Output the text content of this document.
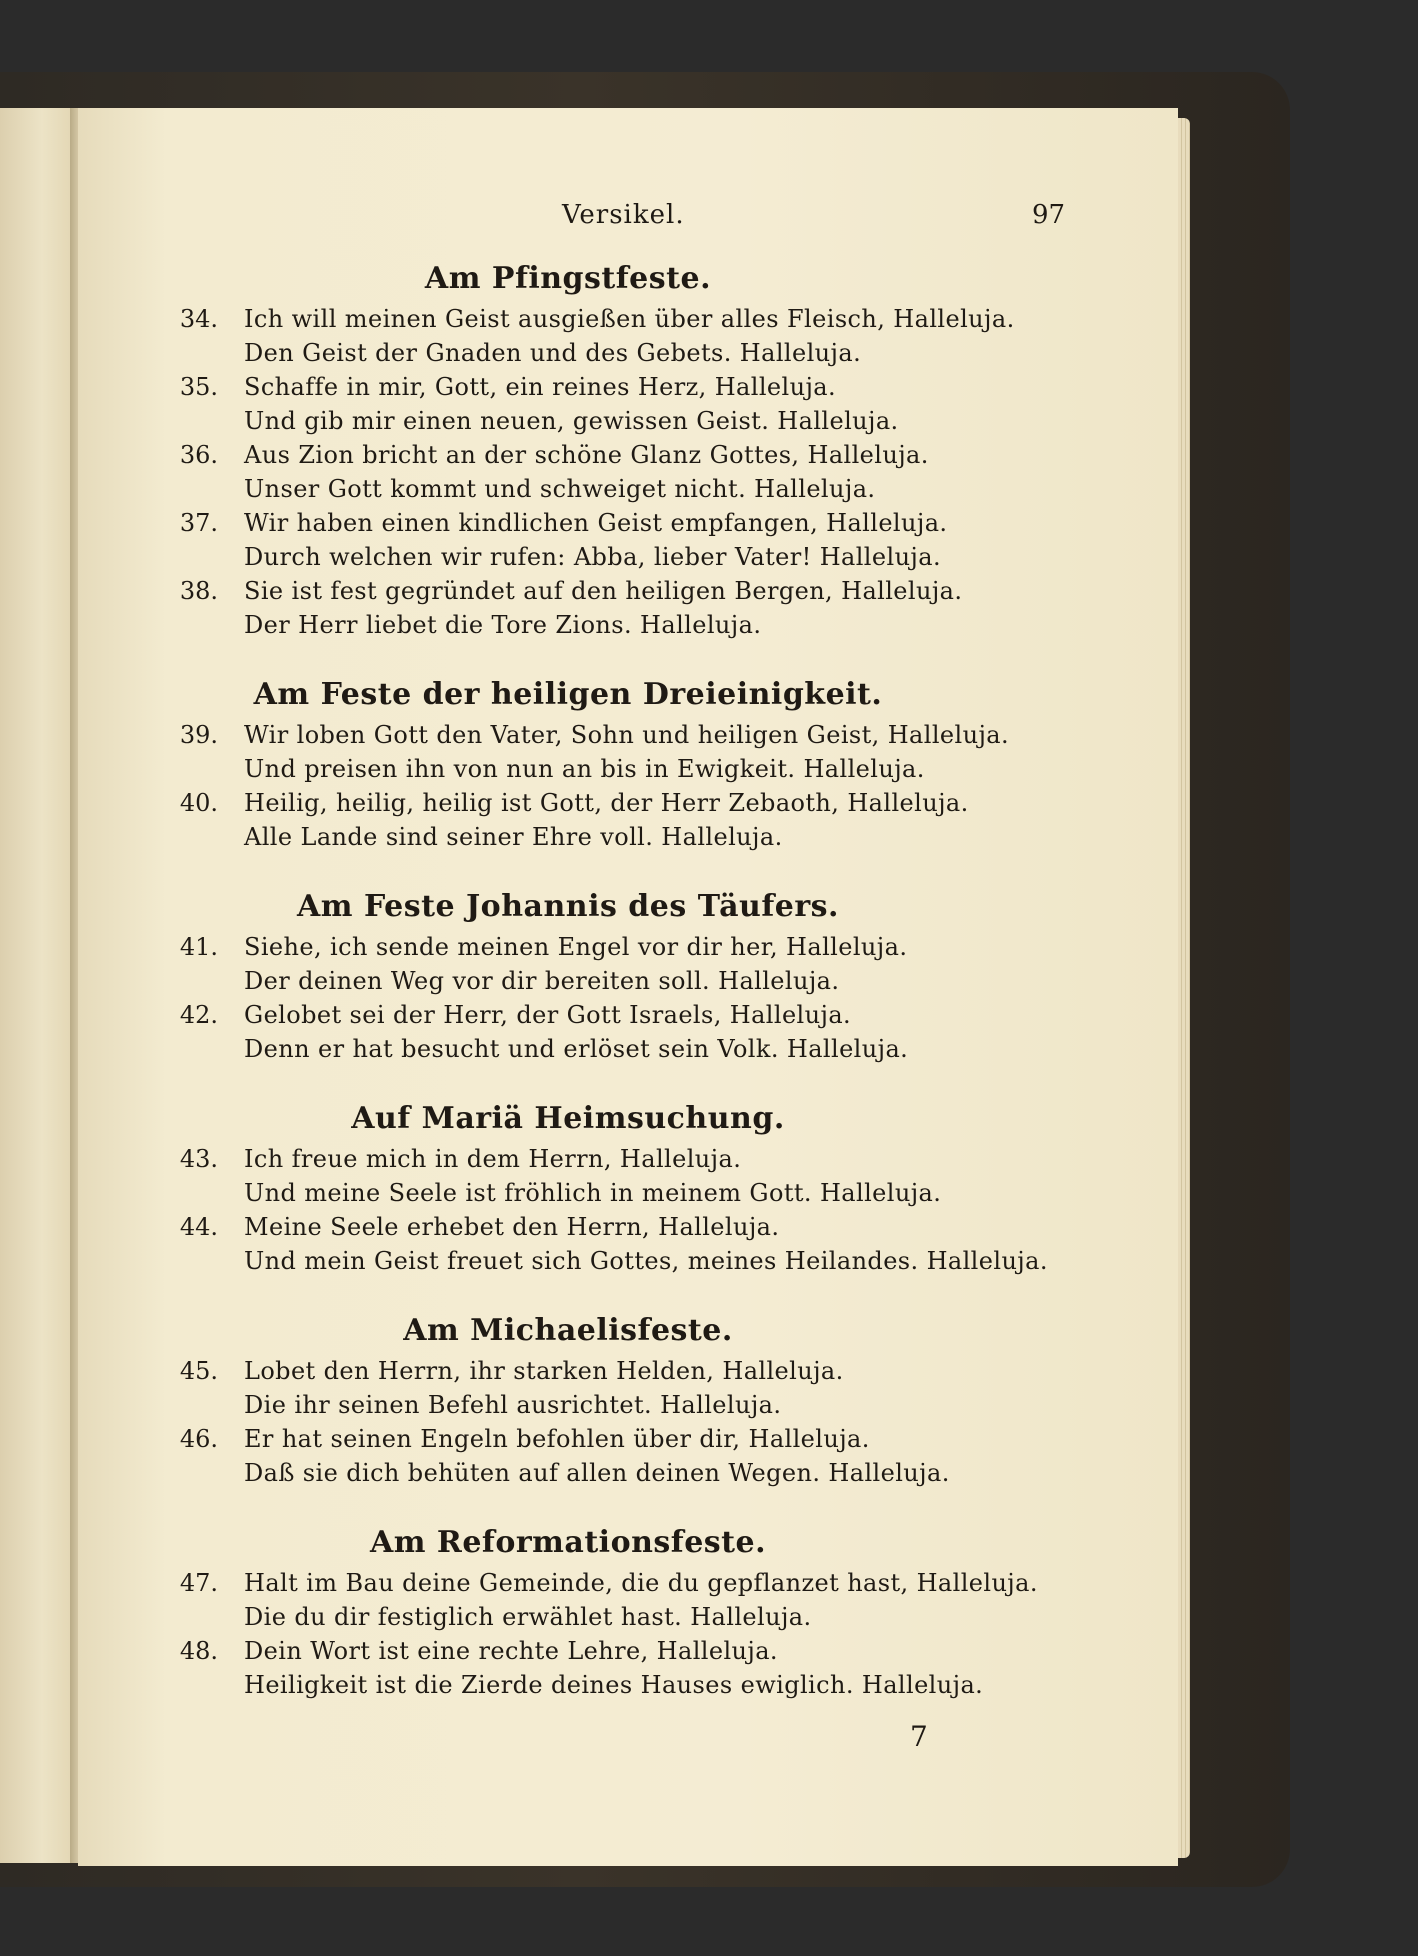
Versikel.	97
Am Pfingstfeste.
34. Ich will meinen Geist ausgießen über alles Fleisch, Halleluja.
Den Geist der Gnaden und des Gebets. Halleluja.
35. Schaffe in mir, Gott, ein reines Herz, Halleluja.
Und gib mir einen neuen, gewissen Geist. Halleluja.
36. Aus Zion bricht an der schöne Glanz Gottes, Halleluja.
Unser Gott kommt und schweiget nicht. Halleluja.
37. Wir haben einen kindlichen Geist empfangen, Halleluja.
Durch welchen wir rufen: Abba, lieber Vater! Halleluja.
38. Sie ist fest gegründet auf den heiligen Bergen, Halleluja.
Der Herr liebet die Tore Zions. Halleluja.
Am Feste der heiligen Dreieinigkeit.
39. Wir loben Gott den Vater, Sohn und heiligen Geist, Halleluja.
Und preisen ihn von nun an bis in Ewigkeit. Halleluja.
40. Heilig, heilig, heilig ist Gott, der Herr Zebaoth, Halleluja.
Alle Lande sind seiner Ehre voll. Halleluja.
Am Feste Johannis des Täufers.
41. Siehe, ich sende meinen Engel vor dir her, Halleluja.
Der deinen Weg vor dir bereiten soll. Halleluja.
42. Gelobet sei der Herr, der Gott Israels, Halleluja.
Denn er hat besucht und erlöset sein Volk. Halleluja.
Auf Mariä Heimsuchung.
43. Ich freue mich in dem Herrn, Halleluja.
Und meine Seele ist fröhlich in meinem Gott. Halleluja.
44. Meine Seele erhebet den Herrn, Halleluja.
Und mein Geist freuet sich Gottes, meines Heilandes. Halleluja.
Am Michaelisfeste.
45. Lobet den Herrn, ihr starken Helden, Halleluja.
Die ihr seinen Befehl ausrichtet. Halleluja.
46. Er hat seinen Engeln befohlen über dir, Halleluja.
Daß sie dich behüten auf allen deinen Wegen. Halleluja.
Am Reformationsfeste.
47. Halt im Bau deine Gemeinde, die du gepflanzet hast, Halleluja.
Die du dir festiglich erwählet hast. Halleluja.
48. Dein Wort ist eine rechte Lehre, Halleluja.
Heiligkeit ist die Zierde deines Hauses ewiglich. Halleluja.
7
